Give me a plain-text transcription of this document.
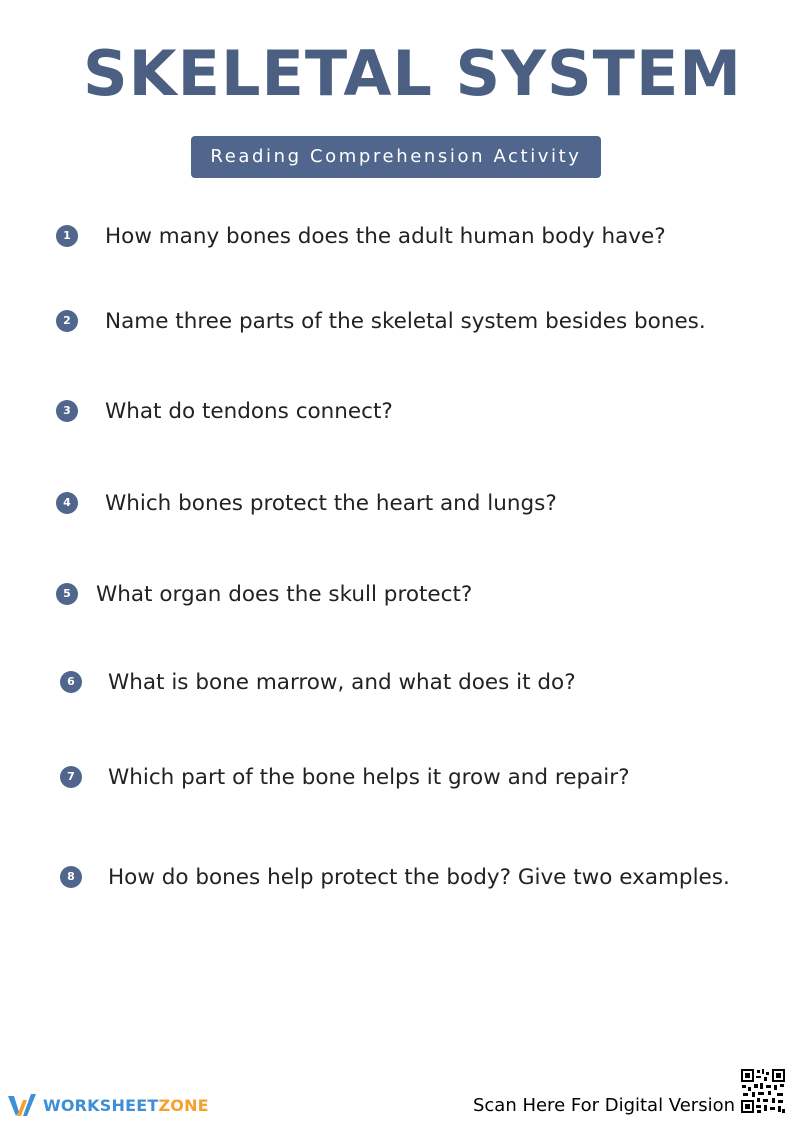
SKELETAL SYSTEM
Reading Comprehension Activity
1	How many bones does the adult human body have?
2	Name three parts of the skeletal system besides bones.
3	What do tendons connect?
4	Which bones protect the heart and lungs?
5	What organ does the skull protect?
6	What is bone marrow, and what does it do?
7	Which part of the bone helps it grow and repair?
8	How do bones help protect the body? Give two examples.
WORKSHEETZONE	Scan Here For Digital Version
